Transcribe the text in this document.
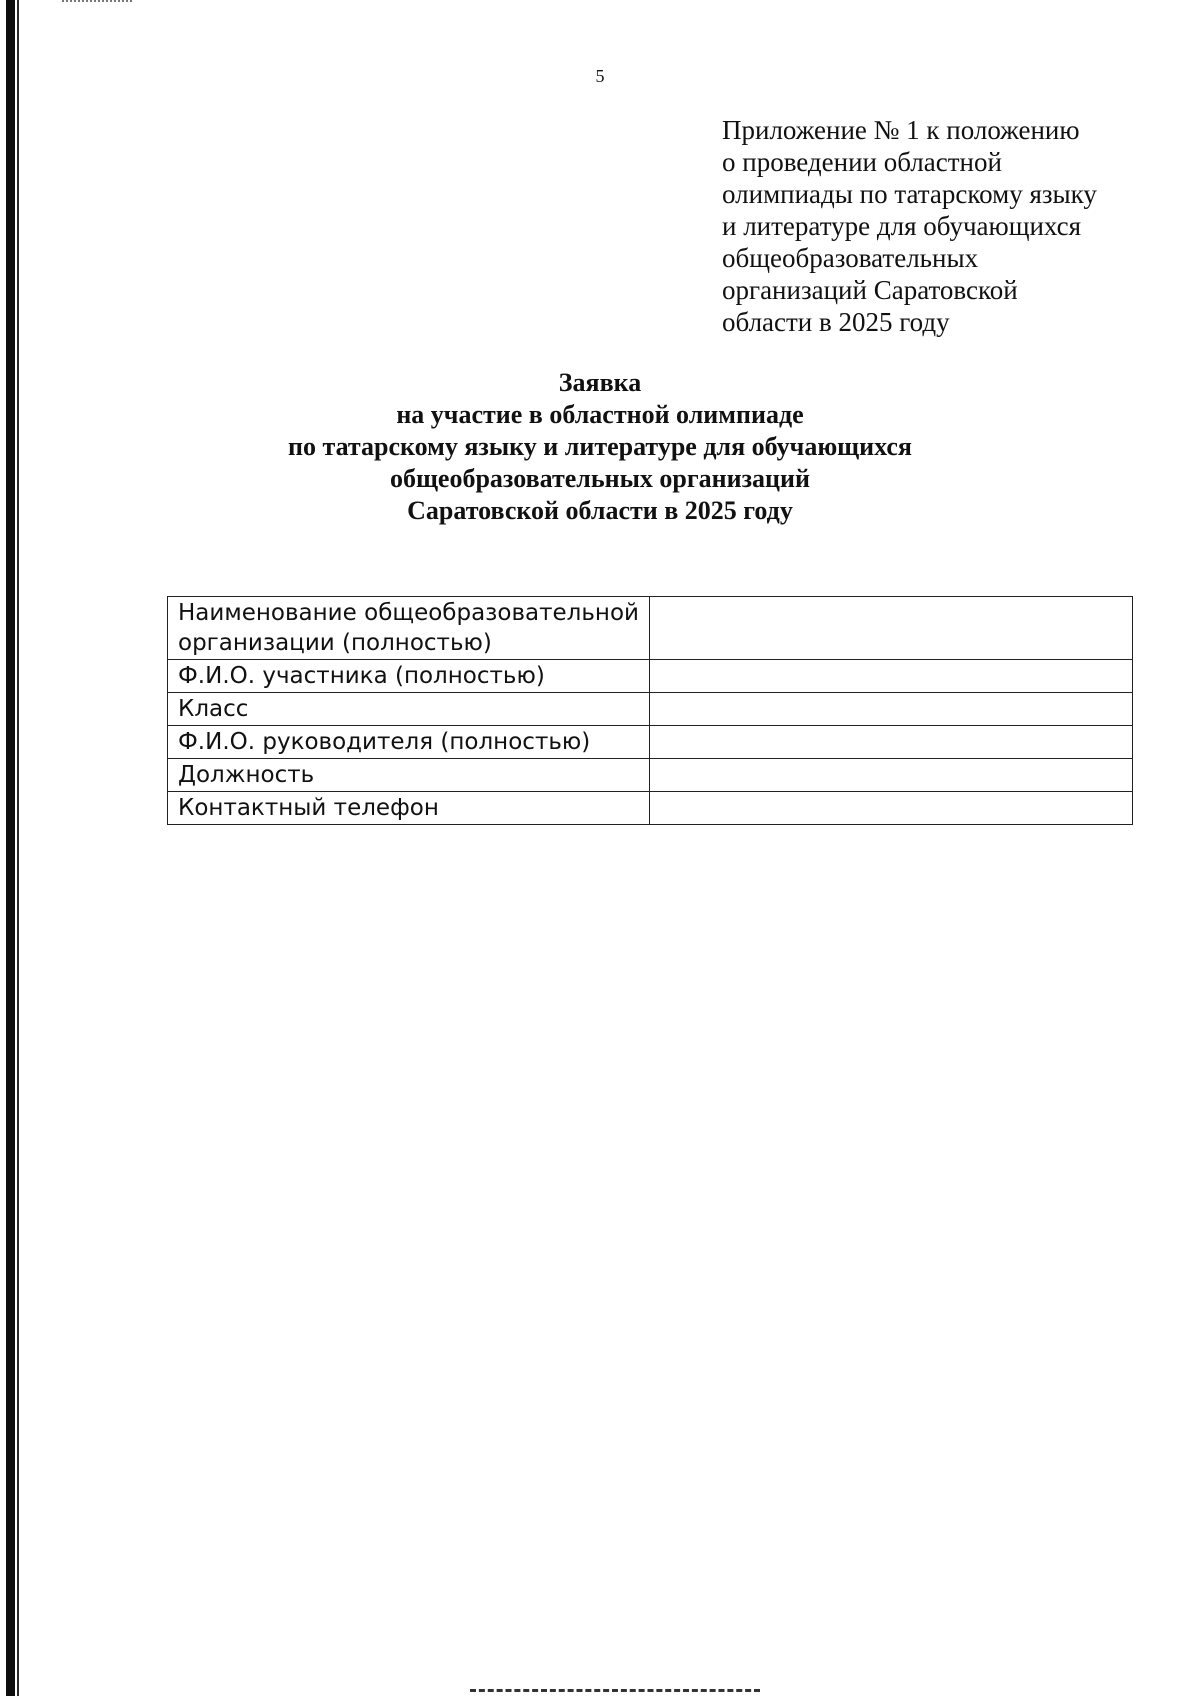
5
Приложение № 1 к положению
о проведении областной
олимпиады по татарскому языку
и литературе для обучающихся
общеобразовательных
организаций Саратовской
области в 2025 году
Заявка
на участие в областной олимпиаде
по татарскому языку и литературе для обучающихся
общеобразовательных организаций
Саратовской области в 2025 году
Наименование общеобразовательной организации (полностью)	
Ф.И.О. участника (полностью)	
Класс	
Ф.И.О. руководителя (полностью)	
Должность	
Контактный телефон	
